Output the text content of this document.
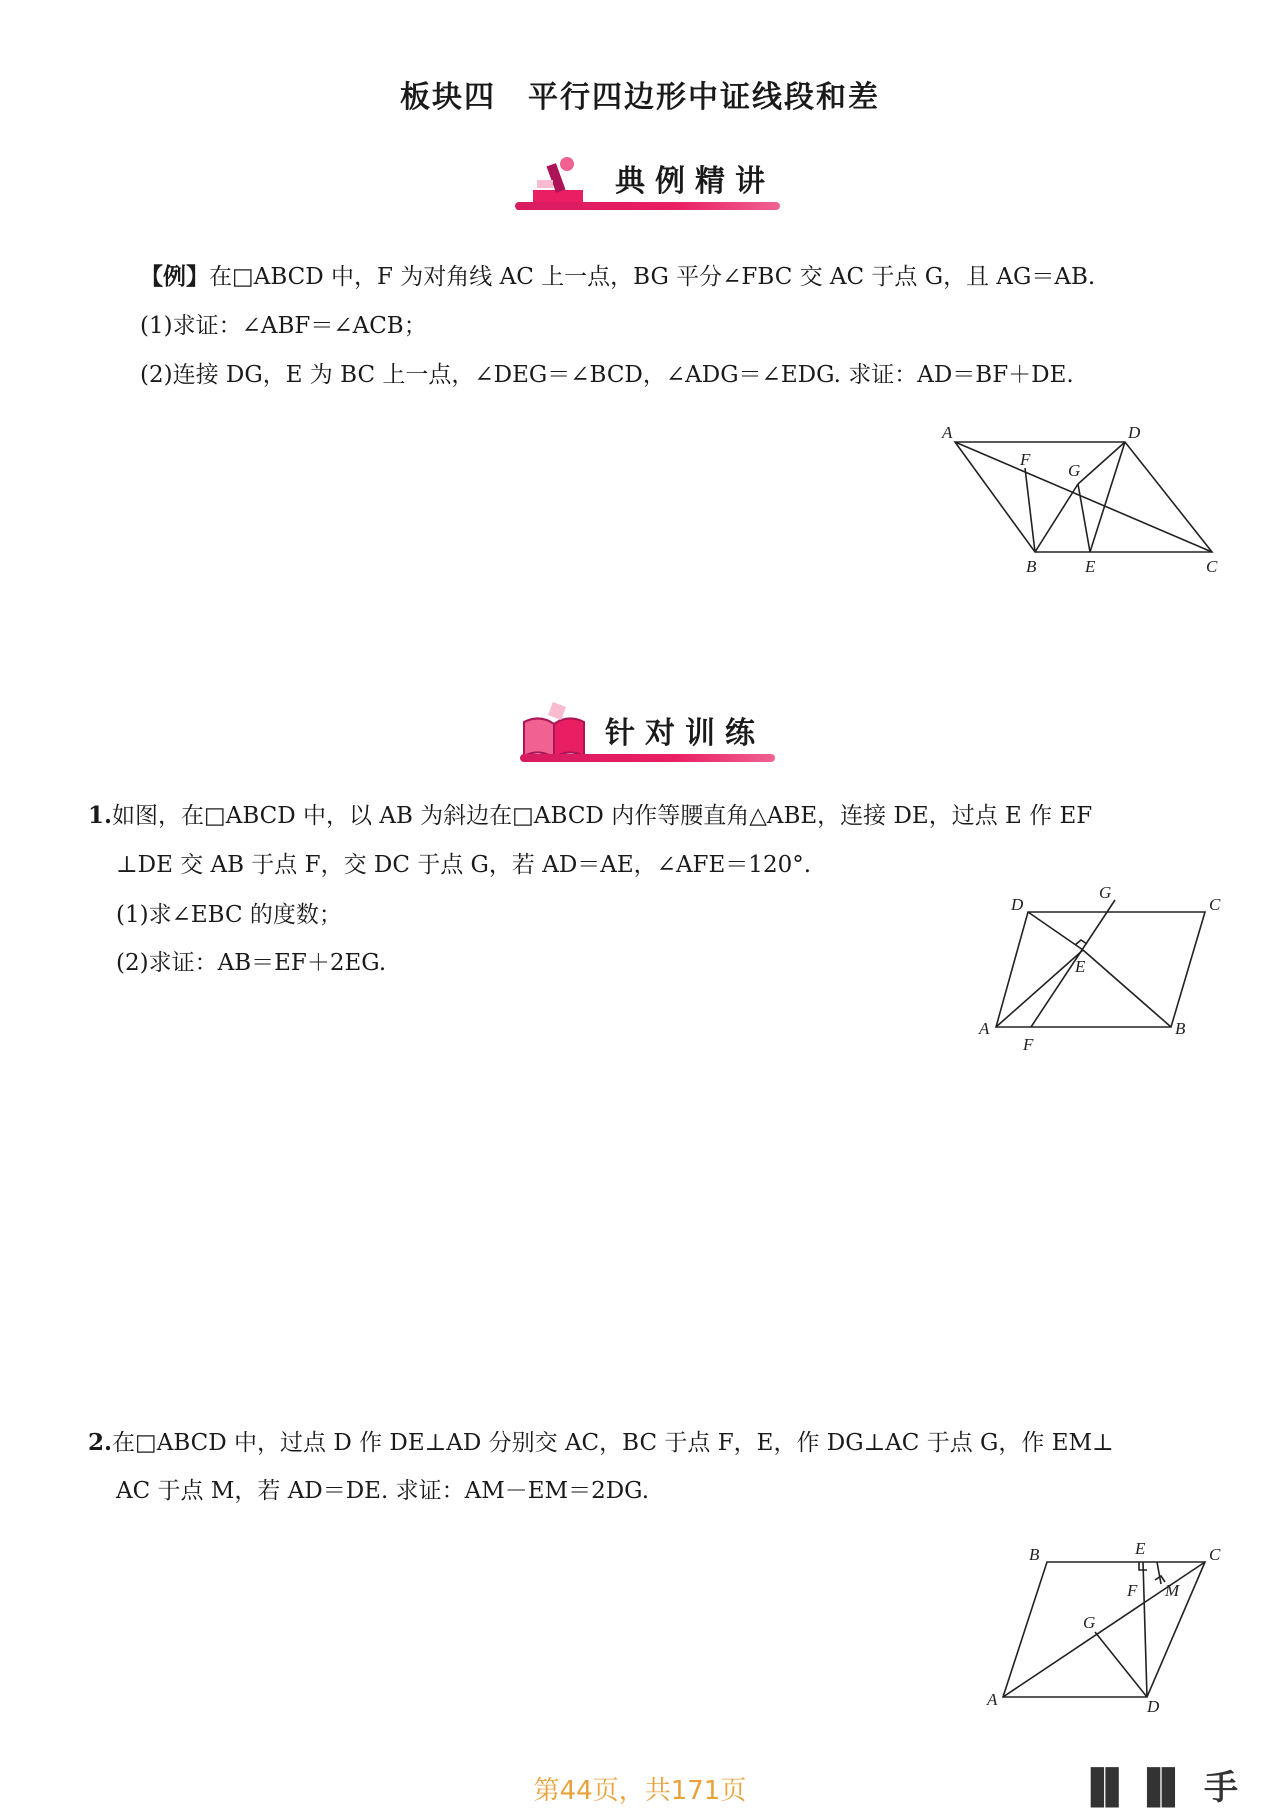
板块四　平行四边形中证线段和差
典例精讲
【例】在□ABCD 中，F 为对角线 AC 上一点，BG 平分∠FBC 交 AC 于点 G，且 AG＝AB.
(1)求证：∠ABF＝∠ACB；
(2)连接 DG，E 为 BC 上一点，∠DEG＝∠BCD，∠ADG＝∠EDG. 求证：AD＝BF＋DE.
A	D
F
G
B	E	C
针对训练
1.如图，在□ABCD 中，以 AB 为斜边在□ABCD 内作等腰直角△ABE，连接 DE，过点 E 作 EF
⊥DE 交 AB 于点 F，交 DC 于点 G，若 AD＝AE，∠AFE＝120°.
(1)求∠EBC 的度数；
(2)求证：AB＝EF＋2EG.
D
G
C
E
A
F
B
2.在□ABCD 中，过点 D 作 DE⊥AD 分别交 AC，BC 于点 F，E，作 DG⊥AC 于点 G，作 EM⊥
AC 于点 M，若 AD＝DE. 求证：AM－EM＝2DG.
B	E	C
F M
G
A	D
第44页，共171页	▐▌▐▌ 手
